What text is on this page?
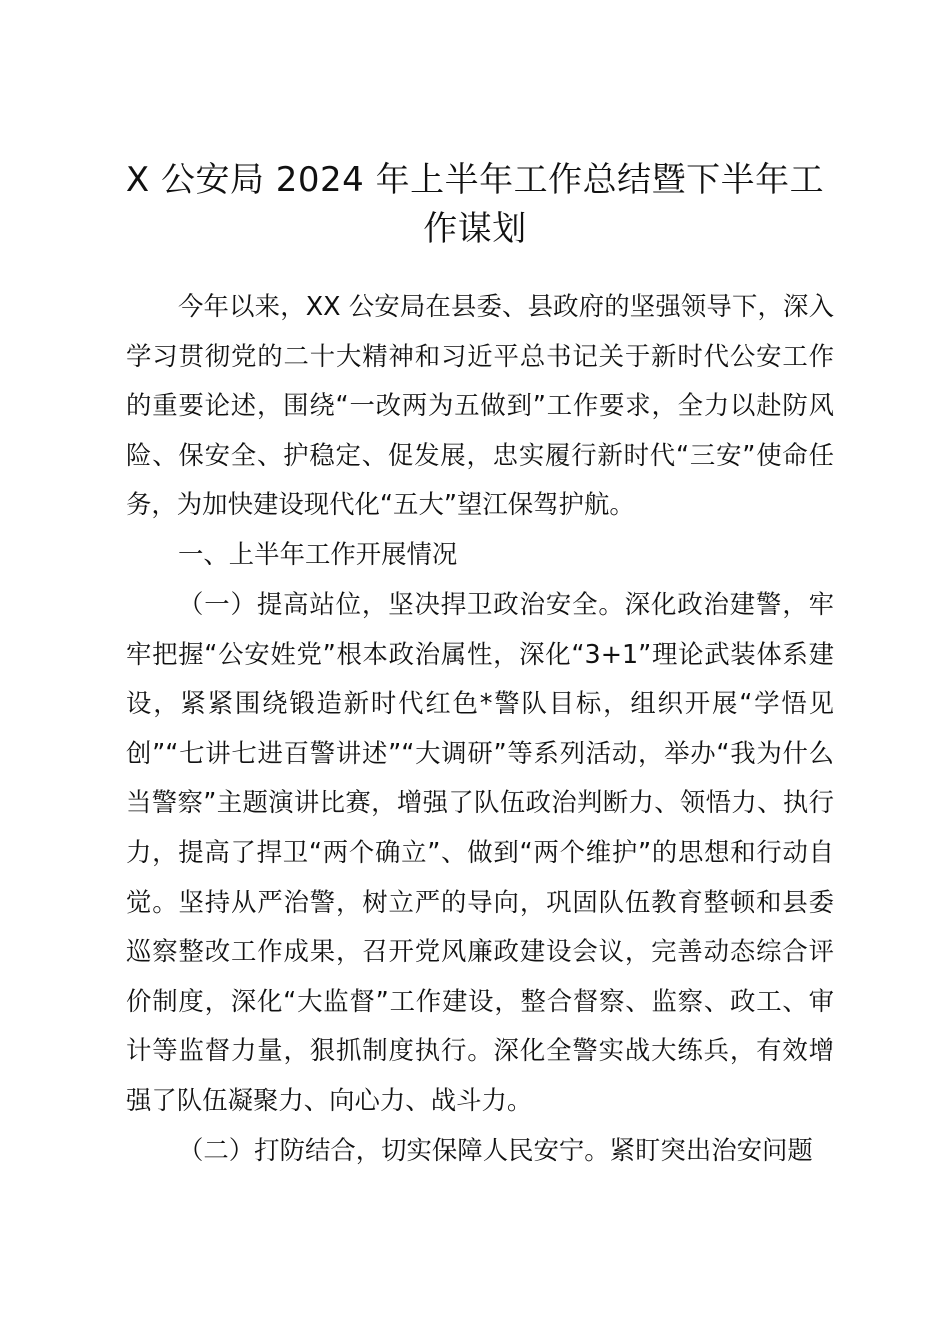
X 公安局 2024 年上半年工作总结暨下半年工作谋划

今年以来，XX 公安局在县委、县政府的坚强领导下，深入学习贯彻党的二十大精神和习近平总书记关于新时代公安工作的重要论述，围绕“一改两为五做到”工作要求，全力以赴防风险、保安全、护稳定、促发展，忠实履行新时代“三安”使命任务，为加快建设现代化“五大”望江保驾护航。

一、上半年工作开展情况

（一）提高站位，坚决捍卫政治安全。深化政治建警，牢牢把握“公安姓党”根本政治属性，深化“3+1”理论武装体系建设，紧紧围绕锻造新时代红色*警队目标，组织开展“学悟见创”“七讲七进百警讲述”“大调研”等系列活动，举办“我为什么当警察”主题演讲比赛，增强了队伍政治判断力、领悟力、执行力，提高了捍卫“两个确立”、做到“两个维护”的思想和行动自觉。坚持从严治警，树立严的导向，巩固队伍教育整顿和县委巡察整改工作成果，召开党风廉政建设会议，完善动态综合评价制度，深化“大监督”工作建设，整合督察、监察、政工、审计等监督力量，狠抓制度执行。深化全警实战大练兵，有效增强了队伍凝聚力、向心力、战斗力。

（二）打防结合，切实保障人民安宁。紧盯突出治安问题
